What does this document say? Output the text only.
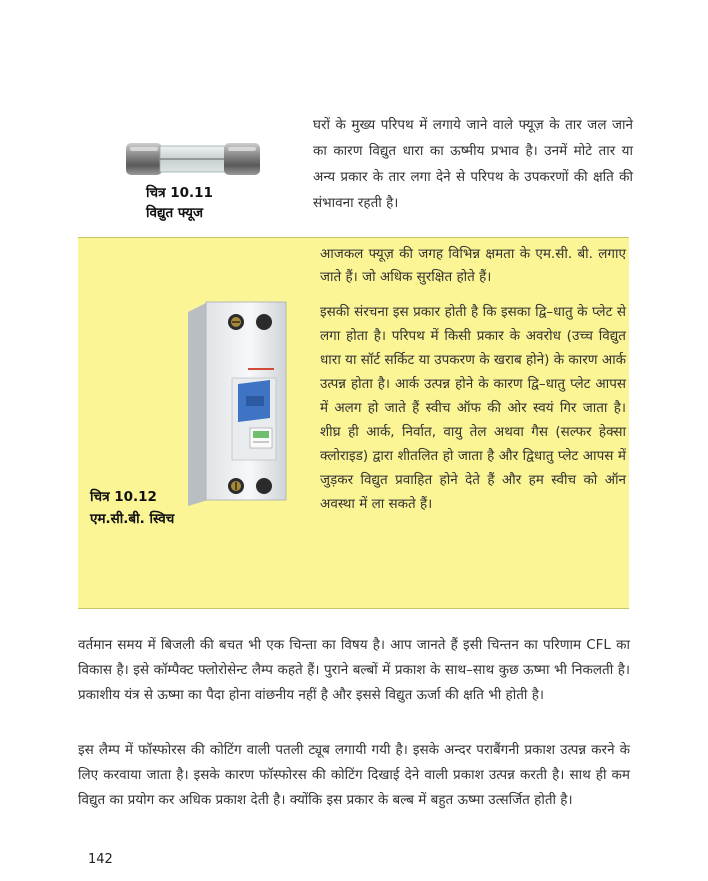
चित्र 10.11
विद्युत फ्यूज
घरों के मुख्य परिपथ में लगाये जाने वाले फ्यूज़ के तार जल जाने का कारण विद्युत धारा का ऊष्मीय प्रभाव है। उनमें मोटे तार या अन्य प्रकार के तार लगा देने से परिपथ के उपकरणों की क्षति की संभावना रहती है।
चित्र 10.12
एम.सी.बी. स्विच
आजकल फ्यूज़ की जगह विभिन्न क्षमता के एम.सी. बी. लगाए जाते हैं। जो अधिक सुरक्षित होते हैं।
इसकी संरचना इस प्रकार होती है कि इसका द्वि–धातु के प्लेट से लगा होता है। परिपथ में किसी प्रकार के अवरोध (उच्च विद्युत धारा या सॉर्ट सर्किट या उपकरण के खराब होने) के कारण आर्क उत्पन्न होता है। आर्क उत्पन्न होने के कारण द्वि–धातु प्लेट आपस में अलग हो जाते हैं स्वीच ऑफ की ओर स्वयं गिर जाता है। शीघ्र ही आर्क, निर्वात, वायु तेल अथवा गैस (सल्फर हेक्सा क्लोराइड) द्वारा शीतलित हो जाता है और द्विधातु प्लेट आपस में जुड़कर विद्युत प्रवाहित होने देते हैं और हम स्वीच को ऑन अवस्था में ला सकते हैं।
वर्तमान समय में बिजली की बचत भी एक चिन्ता का विषय है। आप जानते हैं इसी चिन्तन का परिणाम CFL का विकास है। इसे कॉम्पैक्ट फ्लोरोसेन्ट लैम्प कहते हैं। पुराने बल्बों में प्रकाश के साथ–साथ कुछ ऊष्मा भी निकलती है। प्रकाशीय यंत्र से ऊष्मा का पैदा होना वांछनीय नहीं है और इससे विद्युत ऊर्जा की क्षति भी होती है।
इस लैम्प में फॉस्फोरस की कोटिंग वाली पतली ट्यूब लगायी गयी है। इसके अन्दर पराबैंगनी प्रकाश उत्पन्न करने के लिए करवाया जाता है। इसके कारण फॉस्फोरस की कोटिंग दिखाई देने वाली प्रकाश उत्पन्न करती है। साथ ही कम विद्युत का प्रयोग कर अधिक प्रकाश देती है। क्योंकि इस प्रकार के बल्ब में बहुत ऊष्मा उत्सर्जित होती है।
142
